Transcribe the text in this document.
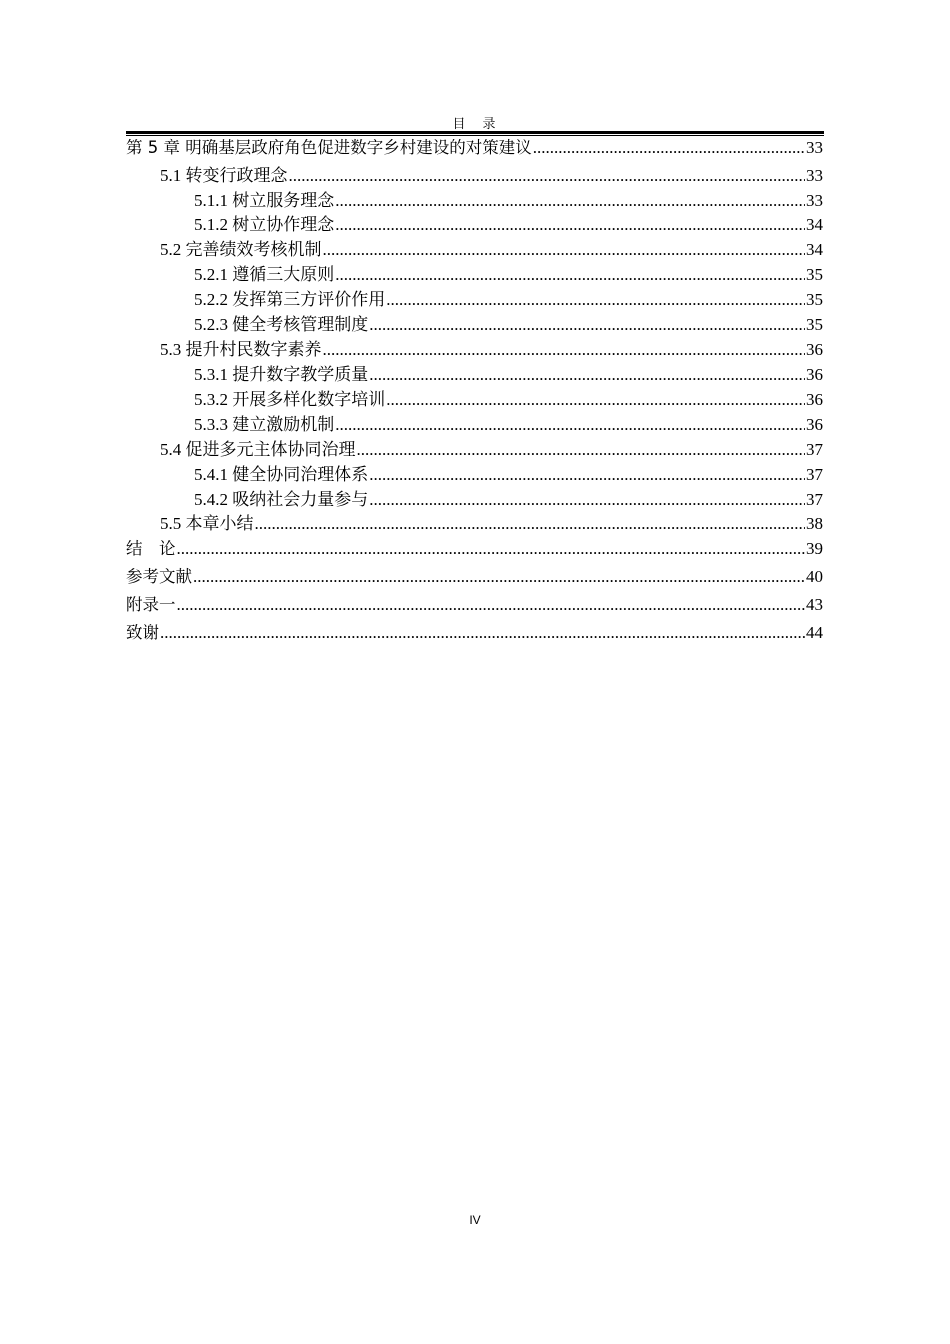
目　录
第 5 章 明确基层政府角色促进数字乡村建设的对策建议 .....	33
5.1 转变行政理念 .....	33
5.1.1 树立服务理念 .....	33
5.1.2 树立协作理念 .....	34
5.2 完善绩效考核机制 .....	34
5.2.1 遵循三大原则 .....	35
5.2.2 发挥第三方评价作用 .....	35
5.2.3 健全考核管理制度 .....	35
5.3 提升村民数字素养 .....	36
5.3.1 提升数字教学质量 .....	36
5.3.2 开展多样化数字培训 .....	36
5.3.3 建立激励机制 .....	36
5.4 促进多元主体协同治理 .....	37
5.4.1 健全协同治理体系 .....	37
5.4.2 吸纳社会力量参与 .....	37
5.5 本章小结 .....	38
结　论 .....	39
参考文献 .....	40
附录一 .....	43
致谢 .....	44
IV
